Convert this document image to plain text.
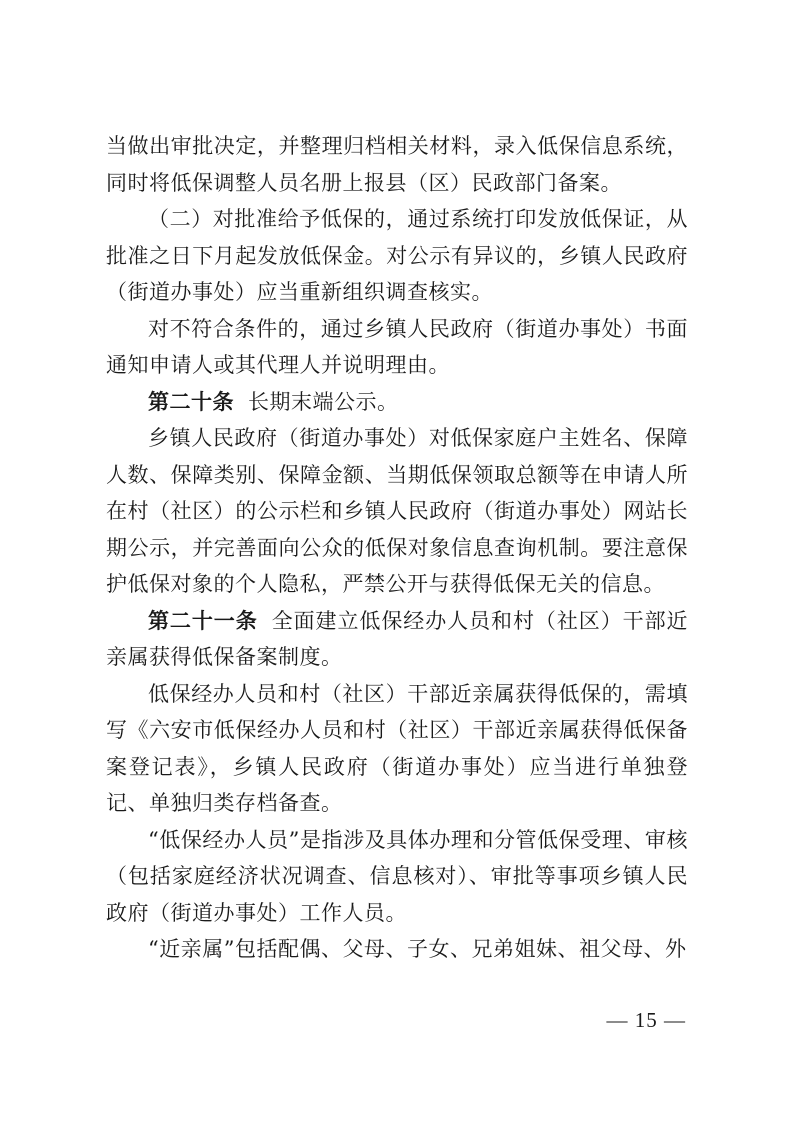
当做出审批决定，并整理归档相关材料，录入低保信息系统，同时将低保调整人员名册上报县（区）民政部门备案。

（二）对批准给予低保的，通过系统打印发放低保证，从批准之日下月起发放低保金。对公示有异议的，乡镇人民政府（街道办事处）应当重新组织调查核实。

对不符合条件的，通过乡镇人民政府（街道办事处）书面通知申请人或其代理人并说明理由。

第二十条 长期末端公示。

乡镇人民政府（街道办事处）对低保家庭户主姓名、保障人数、保障类别、保障金额、当期低保领取总额等在申请人所在村（社区）的公示栏和乡镇人民政府（街道办事处）网站长期公示，并完善面向公众的低保对象信息查询机制。要注意保护低保对象的个人隐私，严禁公开与获得低保无关的信息。

第二十一条 全面建立低保经办人员和村（社区）干部近亲属获得低保备案制度。

低保经办人员和村（社区）干部近亲属获得低保的，需填写《六安市低保经办人员和村（社区）干部近亲属获得低保备案登记表》，乡镇人民政府（街道办事处）应当进行单独登记、单独归类存档备查。

“低保经办人员”是指涉及具体办理和分管低保受理、审核（包括家庭经济状况调查、信息核对）、审批等事项乡镇人民政府（街道办事处）工作人员。

“近亲属”包括配偶、父母、子女、兄弟姐妹、祖父母、外

— 15 —
